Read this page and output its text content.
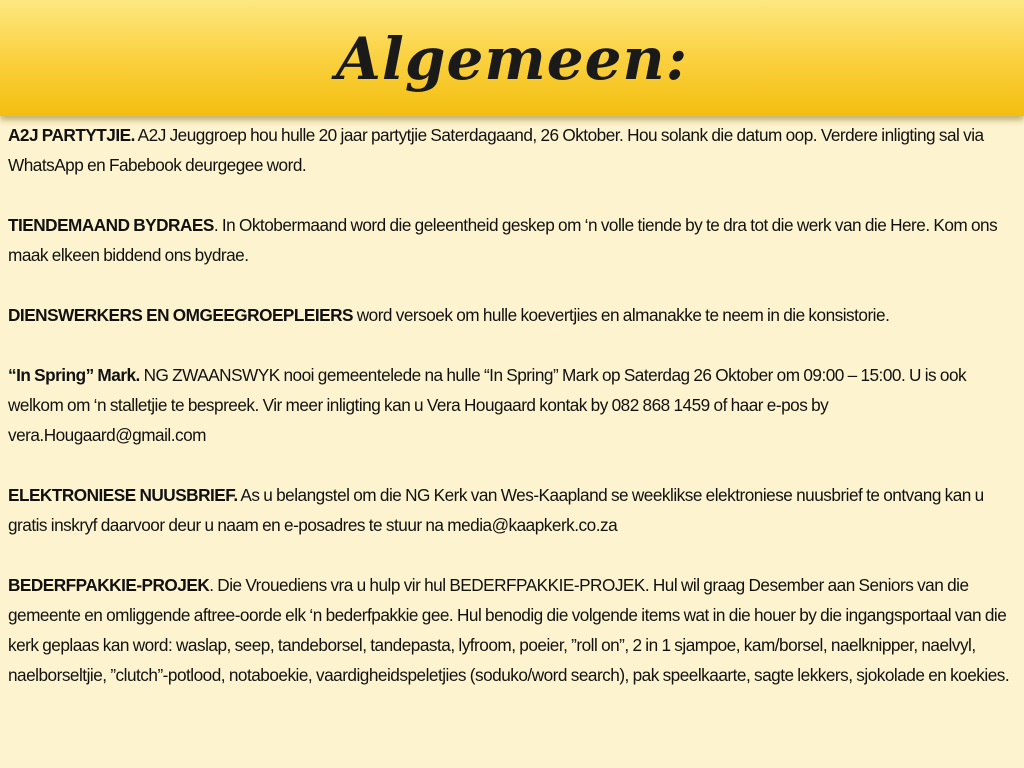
Algemeen:

A2J PARTYTJIE. A2J Jeuggroep hou hulle 20 jaar partytjie Saterdagaand, 26 Oktober. Hou solank die datum oop. Verdere inligting sal via WhatsApp en Fabebook deurgegee word.

TIENDEMAAND BYDRAES. In Oktobermaand word die geleentheid geskep om ‘n volle tiende by te dra tot die werk van die Here. Kom ons maak elkeen biddend ons bydrae.

DIENSWERKERS EN OMGEEGROEPLEIERS word versoek om hulle koevertjies en almanakke te neem in die konsistorie.

“In Spring” Mark. NG ZWAANSWYK nooi gemeentelede na hulle “In Spring” Mark op Saterdag 26 Oktober om 09:00 – 15:00. U is ook welkom om ‘n stalletjie te bespreek. Vir meer inligting kan u Vera Hougaard kontak by 082 868 1459 of haar e-pos by vera.Hougaard@gmail.com

ELEKTRONIESE NUUSBRIEF. As u belangstel om die NG Kerk van Wes-Kaapland se weeklikse elektroniese nuusbrief te ontvang kan u gratis inskryf daarvoor deur u naam en e-posadres te stuur na media@kaapkerk.co.za

BEDERFPAKKIE-PROJEK. Die Vrouediens vra u hulp vir hul BEDERFPAKKIE-PROJEK. Hul wil graag Desember aan Seniors van die gemeente en omliggende aftree-oorde elk ‘n bederfpakkie gee. Hul benodig die volgende items wat in die houer by die ingangsportaal van die kerk geplaas kan word: waslap, seep, tandeborsel, tandepasta, lyfroom, poeier, ”roll on”, 2 in 1 sjampoe, kam/borsel, naelknipper, naelvyl, naelborseltjie, ”clutch”-potlood, notaboekie, vaardigheidspeletjies (soduko/word search), pak speelkaarte, sagte lekkers, sjokolade en koekies.
